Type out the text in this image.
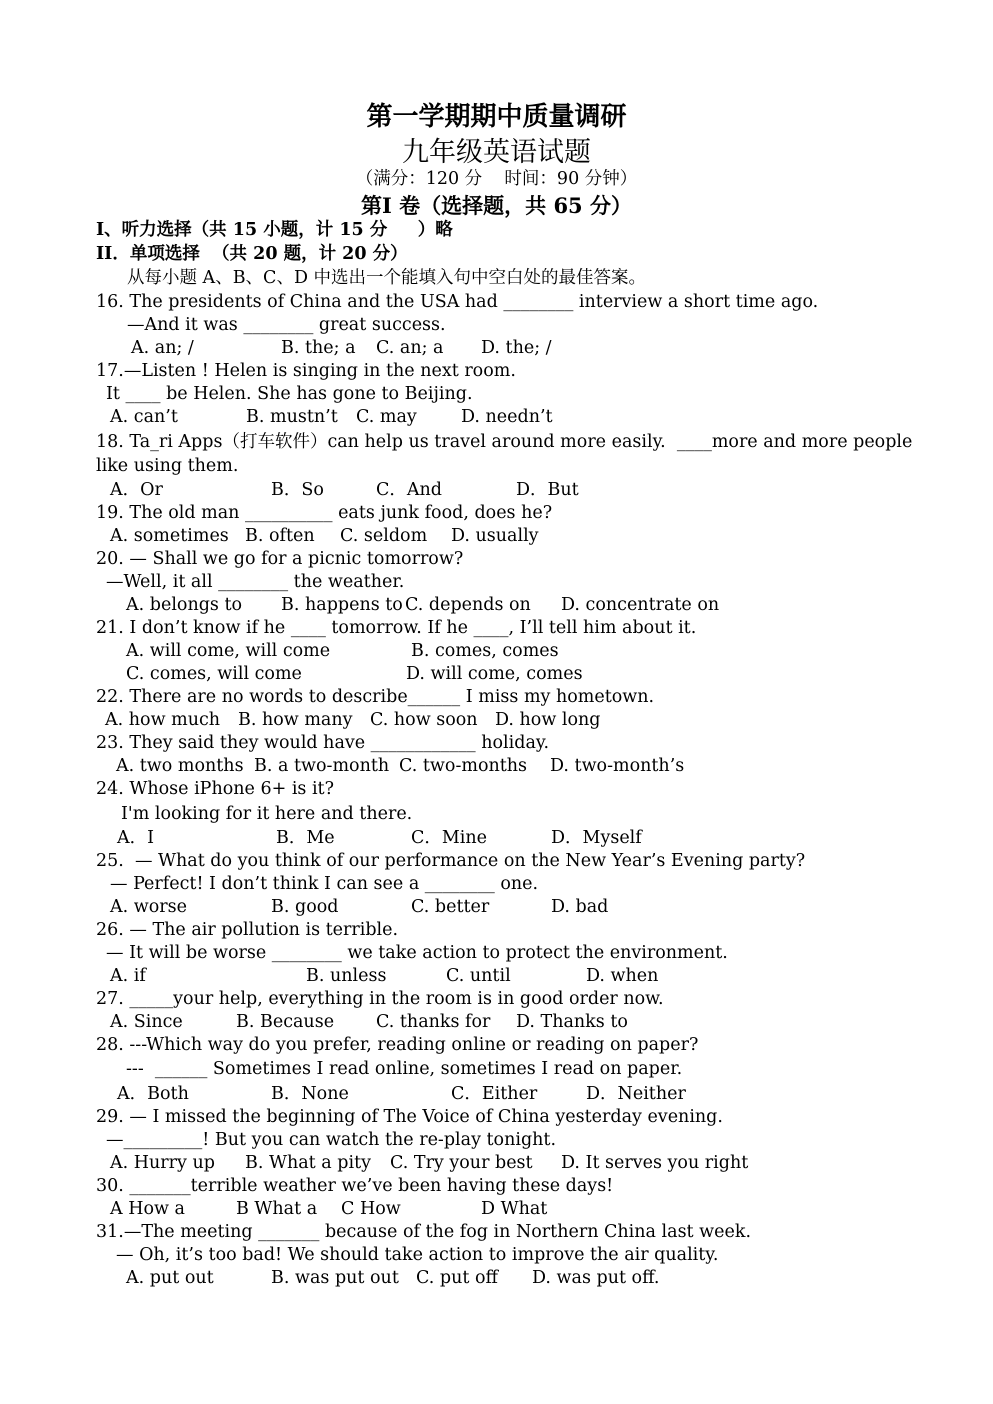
第一学期期中质量调研
九年级英语试题
（满分：120 分    时间：90 分钟）
第I 卷（选择题，共 65 分）
Ⅰ、听力选择（共 15 小题，计 15 分     ）略
II．单项选择  （共 20 题，计 20 分）
从每小题 A、B、C、D 中选出一个能填入句中空白处的最佳答案。
16. The presidents of China and the USA had ________ interview a short time ago.
—And it was ________ great success.
A. an; /	B. the; a C. an; a D. the; /
17.—Listen ! Helen is singing in the next room.
It ____ be Helen. She has gone to Beijing.
A. can’t	B. mustn’t C. may	D. needn’t
18. Ta_ri Apps（打车软件）can help us travel around more easily.  ____more and more people
like using them.
A．Or	B．So	C．And	D．But
19. The old man __________ eats junk food, does he?
A. sometimes B. often C. seldom D. usually
20. — Shall we go for a picnic tomorrow?
—Well, it all ________ the weather.
A. belongs to B. happens to C. depends on D. concentrate on
21. I don’t know if he ____ tomorrow. If he ____, I’ll tell him about it.
A. will come, will come	B. comes, comes
C. comes, will come	D. will come, comes
22. There are no words to describe______ I miss my hometown.
A. how much B. how many C. how soon D. how long
23. They said they would have ____________ holiday.
A. two months B. a two-month C. two-months D. two-month’s
24. Whose iPhone 6+ is it?
I'm looking for it here and there.
A．I	B．Me	C．Mine	D．Myself
25.  — What do you think of our performance on the New Year’s Evening party?
— Perfect! I don’t think I can see a ________ one.
A. worse	B. good	C. better	D. bad
26. — The air pollution is terrible.
— It will be worse ________ we take action to protect the environment.
A. if	B. unless	C. until	D. when
27. _____your help, everything in the room is in good order now.
A. Since	B. Because C. thanks for D. Thanks to
28. ---Which way do you prefer, reading online or reading on paper?
---  ______ Sometimes I read online, sometimes I read on paper.
A．Both	B．None	C．Either	D．Neither
29. — I missed the beginning of The Voice of China yesterday evening.
—_________! But you can watch the re-play tonight.
A. Hurry up B. What a pity C. Try your best D. It serves you right
30. _______terrible weather we’ve been having these days!
A How a	B What a C How	D What
31.—The meeting _______ because of the fog in Northern China last week.
— Oh, it’s too bad! We should take action to improve the air quality.
A. put out	B. was put out C. put off D. was put off.
